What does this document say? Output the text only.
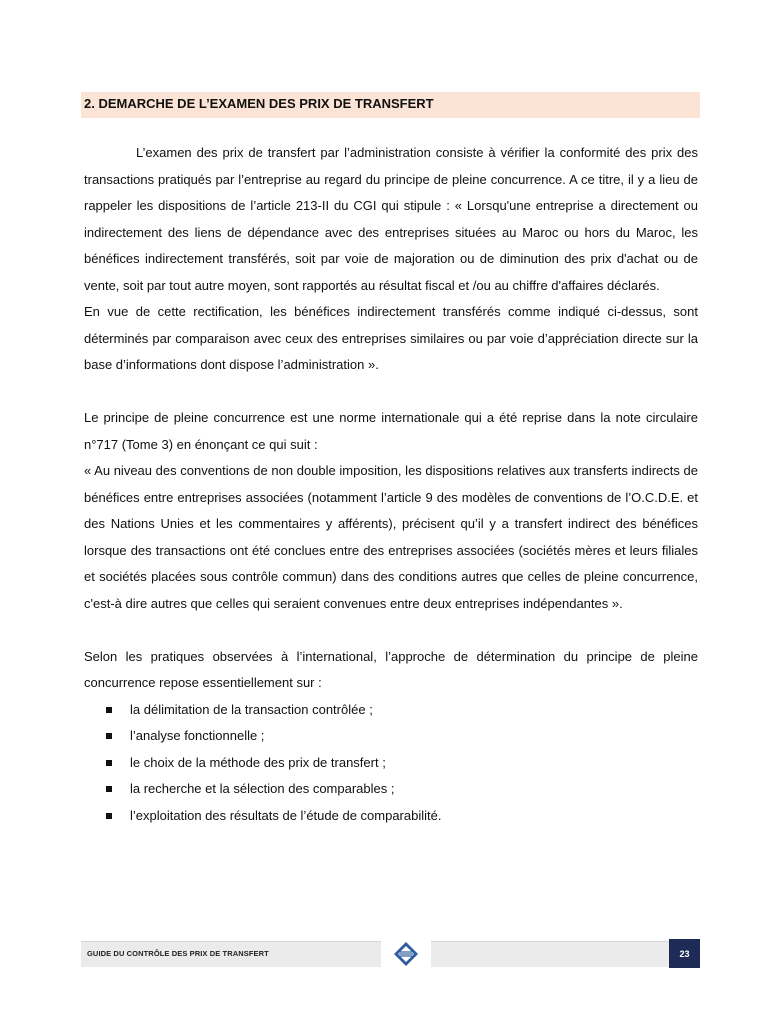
2. DEMARCHE DE L’EXAMEN DES PRIX DE TRANSFERT

L’examen des prix de transfert par l’administration consiste à vérifier la conformité des prix des transactions pratiqués par l’entreprise au regard du principe de pleine concurrence. A ce titre, il y a lieu de rappeler les dispositions de l’article 213-II du CGI qui stipule : « Lorsqu'une entreprise a directement ou indirectement des liens de dépendance avec des entreprises situées au Maroc ou hors du Maroc, les bénéfices indirectement transférés, soit par voie de majoration ou de diminution des prix d'achat ou de vente, soit par tout autre moyen, sont rapportés au résultat fiscal et /ou au chiffre d'affaires déclarés.

En vue de cette rectification, les bénéfices indirectement transférés comme indiqué ci-dessus, sont déterminés par comparaison avec ceux des entreprises similaires ou par voie d’appréciation directe sur la base d’informations dont dispose l’administration ».

Le principe de pleine concurrence est une norme internationale qui a été reprise dans la note circulaire n°717 (Tome 3) en énonçant ce qui suit :

« Au niveau des conventions de non double imposition, les dispositions relatives aux transferts indirects de bénéfices entre entreprises associées (notamment l’article 9 des modèles de conventions de l’O.C.D.E. et des Nations Unies et les commentaires y afférents), précisent qu’il y a transfert indirect des bénéfices lorsque des transactions ont été conclues entre des entreprises associées (sociétés mères et leurs filiales et sociétés placées sous contrôle commun) dans des conditions autres que celles de pleine concurrence, c'est-à dire autres que celles qui seraient convenues entre deux entreprises indépendantes ».

Selon les pratiques observées à l’international, l’approche de détermination du principe de pleine concurrence repose essentiellement sur :

la délimitation de la transaction contrôlée ;
l’analyse fonctionnelle ;
le choix de la méthode des prix de transfert ;
la recherche et la sélection des comparables ;
l’exploitation des résultats de l’étude de comparabilité.
GUIDE DU CONTRÔLE DES PRIX DE TRANSFERT	23
